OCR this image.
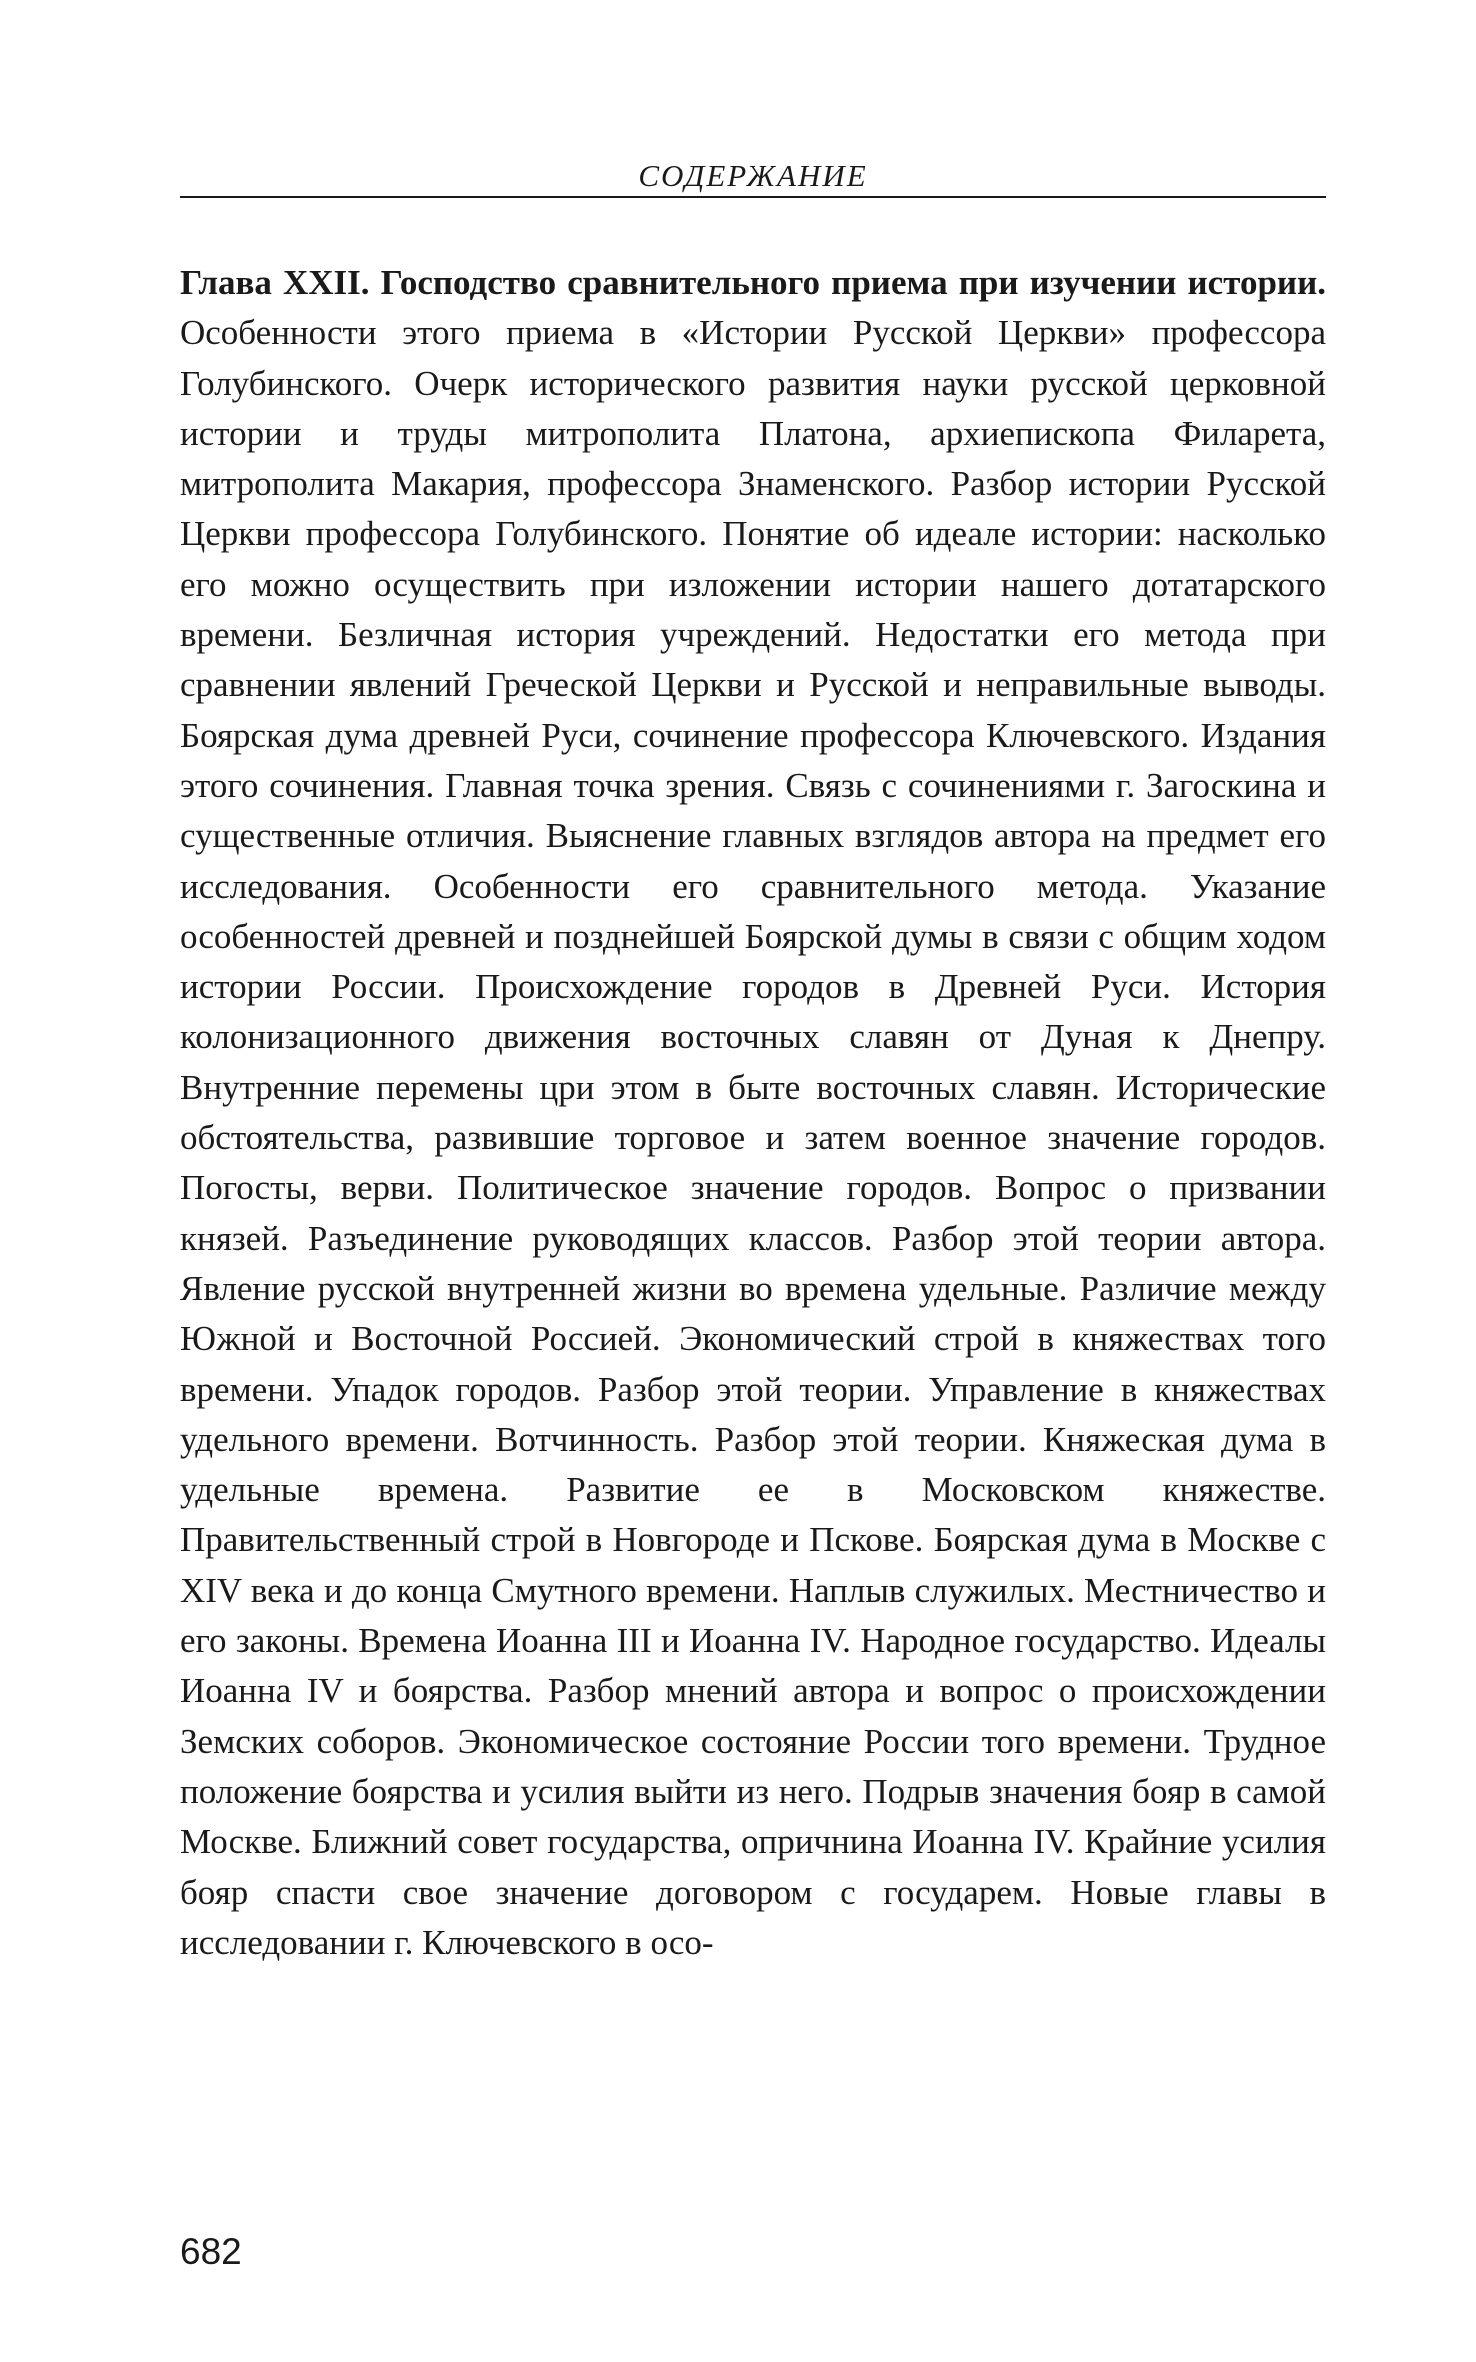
СОДЕРЖАНИЕ

Глава XXII. Господство сравнительного приема при изучении истории. Особенности этого приема в «Истории Русской Церкви» профессора Голубинского. Очерк исторического развития науки русской церковной истории и труды митрополита Платона, архиепископа Филарета, митрополита Макария, профессора Знаменского. Разбор истории Русской Церкви профессора Голубинского. Понятие об идеале истории: насколько его можно осуществить при изложении истории нашего дотатарского времени. Безличная история учреждений. Недостатки его метода при сравнении явлений Греческой Церкви и Русской и неправильные выводы. Боярская дума древней Руси, сочинение профессора Ключевского. Издания этого сочинения. Главная точка зрения. Связь с сочинениями г. Загоскина и существенные отличия. Выяснение главных взглядов автора на предмет его исследования. Особенности его сравнительного метода. Указание особенностей древней и позднейшей Боярской думы в связи с общим ходом истории России. Происхождение городов в Древней Руси. История колонизационного движения восточных славян от Дуная к Днепру. Внутренние перемены цри этом в быте восточных славян. Исторические обстоятельства, развившие торговое и затем военное значение городов. Погосты, верви. Политическое значение городов. Вопрос о призвании князей. Разъединение руководящих классов. Разбор этой теории автора. Явление русской внутренней жизни во времена удельные. Различие между Южной и Восточной Россией. Экономический строй в княжествах того времени. Упадок городов. Разбор этой теории. Управление в княжествах удельного времени. Вотчинность. Разбор этой теории. Княжеская дума в удельные времена. Развитие ее в Московском княжестве. Правительственный строй в Новгороде и Пскове. Боярская дума в Москве с XIV века и до конца Смутного времени. Наплыв служилых. Местничество и его законы. Времена Иоанна III и Иоанна IV. Народное государство. Идеалы Иоанна IV и боярства. Разбор мнений автора и вопрос о происхождении Земских соборов. Экономическое состояние России того времени. Трудное положение боярства и усилия выйти из него. Подрыв значения бояр в самой Москве. Ближний совет государства, опричнина Иоанна IV. Крайние усилия бояр спасти свое значение договором с государем. Новые главы в исследовании г. Ключевского в осо-

682
